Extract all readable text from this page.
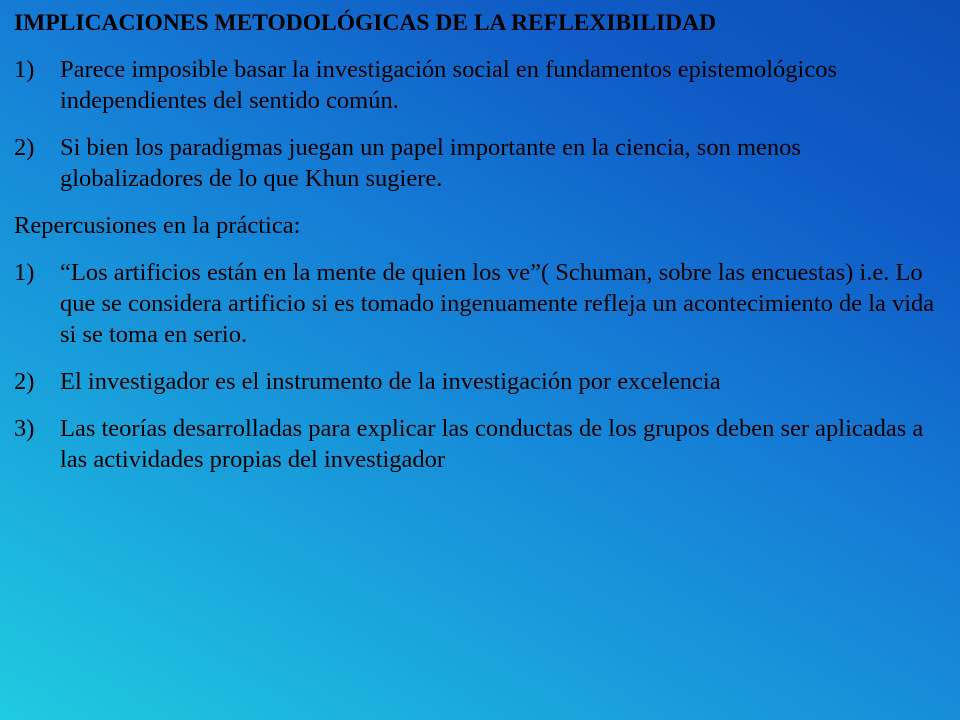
IMPLICACIONES METODOLÓGICAS DE LA REFLEXIBILIDAD
1) Parece imposible basar la investigación social en fundamentos epistemológicos independientes del sentido común.
2) Si bien los paradigmas juegan un papel importante en la ciencia, son menos globalizadores de lo que Khun sugiere.
Repercusiones en la práctica:
1) “Los artificios están en la mente de quien los ve”( Schuman, sobre las encuestas) i.e. Lo que se considera artificio si es tomado ingenuamente refleja un acontecimiento de la vida si se toma en serio.
2) El investigador es el instrumento de la investigación por excelencia
3) Las teorías desarrolladas para explicar las conductas de los grupos deben ser aplicadas a las actividades propias del investigador
